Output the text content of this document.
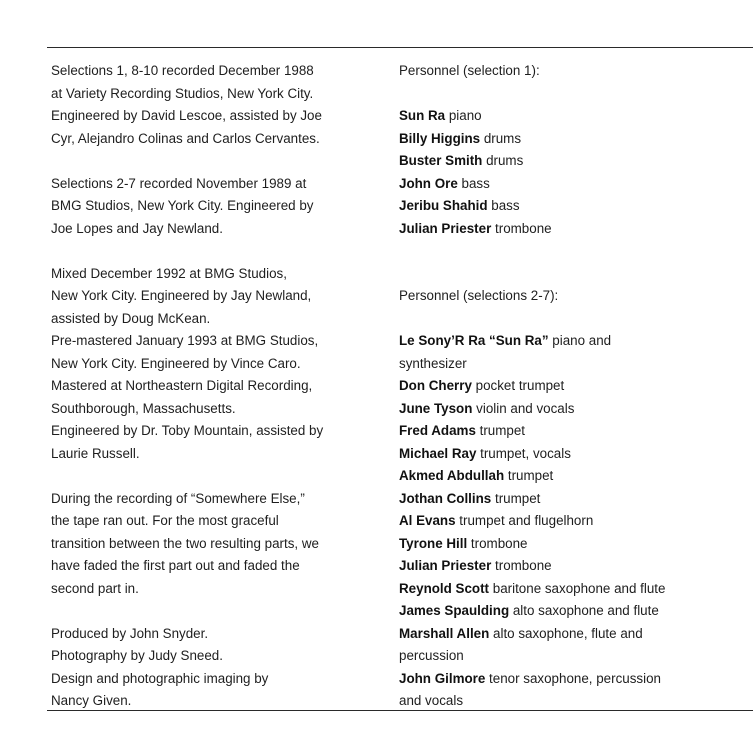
Selections 1, 8-10 recorded December 1988
at Variety Recording Studios, New York City.
Engineered by David Lescoe, assisted by Joe
Cyr, Alejandro Colinas and Carlos Cervantes.
Selections 2-7 recorded November 1989 at
BMG Studios, New York City. Engineered by
Joe Lopes and Jay Newland.
Mixed December 1992 at BMG Studios,
New York City. Engineered by Jay Newland,
assisted by Doug McKean.
Pre-mastered January 1993 at BMG Studios,
New York City. Engineered by Vince Caro.
Mastered at Northeastern Digital Recording,
Southborough, Massachusetts.
Engineered by Dr. Toby Mountain, assisted by
Laurie Russell.
During the recording of “Somewhere Else,”
the tape ran out. For the most graceful
transition between the two resulting parts, we
have faded the first part out and faded the
second part in.
Produced by John Snyder.
Photography by Judy Sneed.
Design and photographic imaging by
Nancy Given.
Personnel (selection 1):
Sun Ra piano
Billy Higgins drums
Buster Smith drums
John Ore bass
Jeribu Shahid bass
Julian Priester trombone
Personnel (selections 2-7):
Le Sony’R Ra “Sun Ra” piano and
synthesizer
Don Cherry pocket trumpet
June Tyson violin and vocals
Fred Adams trumpet
Michael Ray trumpet, vocals
Akmed Abdullah trumpet
Jothan Collins trumpet
Al Evans trumpet and flugelhorn
Tyrone Hill trombone
Julian Priester trombone
Reynold Scott baritone saxophone and flute
James Spaulding alto saxophone and flute
Marshall Allen alto saxophone, flute and
percussion
John Gilmore tenor saxophone, percussion
and vocals
